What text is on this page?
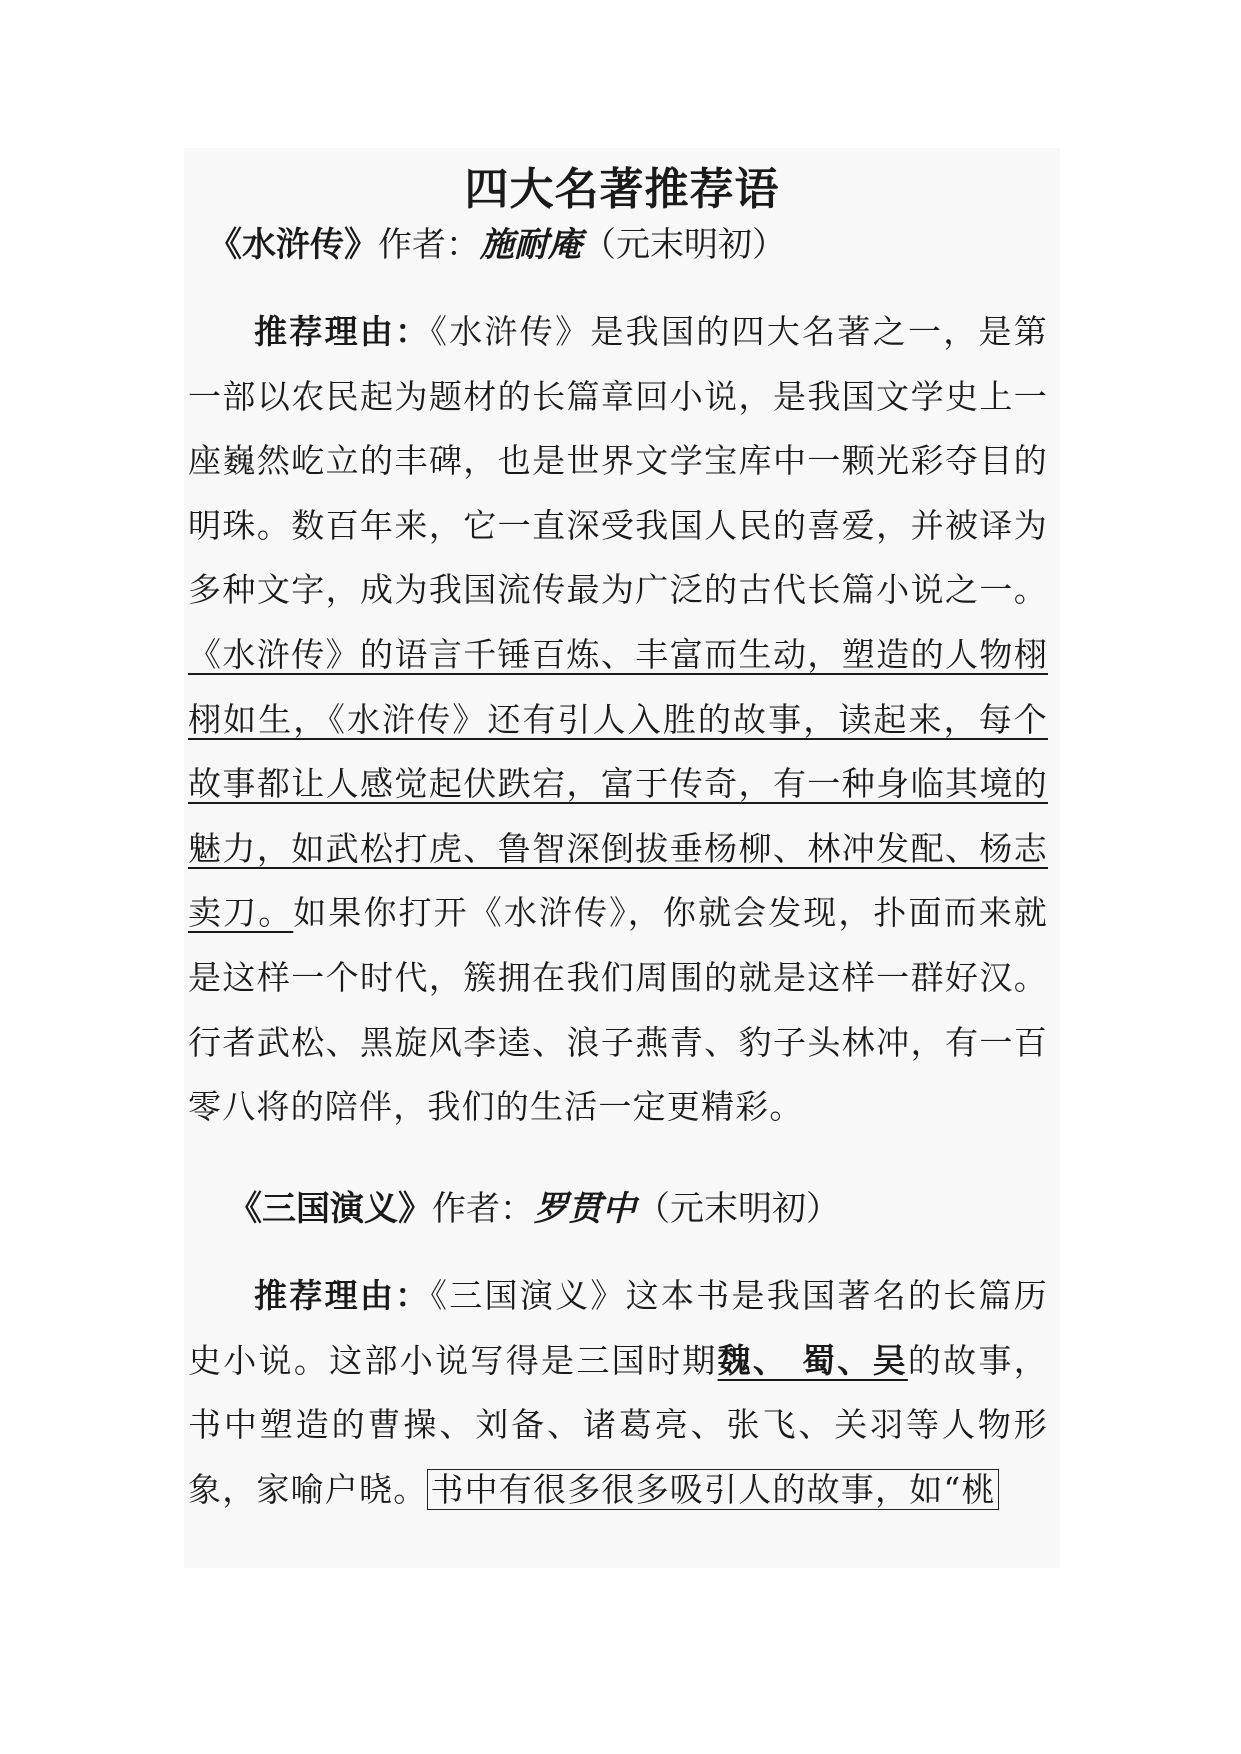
四大名著推荐语
《水浒传》作者：施耐庵（元末明初）

推荐理由：《水浒传》是我国的四大名著之一，是第一部以农民起为题材的长篇章回小说，是我国文学史上一座巍然屹立的丰碑，也是世界文学宝库中一颗光彩夺目的明珠。数百年来，它一直深受我国人民的喜爱，并被译为多种文字，成为我国流传最为广泛的古代长篇小说之一。《水浒传》的语言千锤百炼、丰富而生动，塑造的人物栩栩如生，《水浒传》还有引人入胜的故事，读起来，每个故事都让人感觉起伏跌宕，富于传奇，有一种身临其境的魅力，如武松打虎、鲁智深倒拔垂杨柳、林冲发配、杨志卖刀。如果你打开《水浒传》，你就会发现，扑面而来就是这样一个时代，簇拥在我们周围的就是这样一群好汉。行者武松、黑旋风李逵、浪子燕青、豹子头林冲，有一百零八将的陪伴，我们的生活一定更精彩。

《三国演义》作者：罗贯中（元末明初）

推荐理由：《三国演义》这本书是我国著名的长篇历史小说。这部小说写得是三国时期魏、 蜀、吴的故事，书中塑造的曹操、刘备、诸葛亮、张飞、关羽等人物形象，家喻户晓。书中有很多很多吸引人的故事，如“桃
